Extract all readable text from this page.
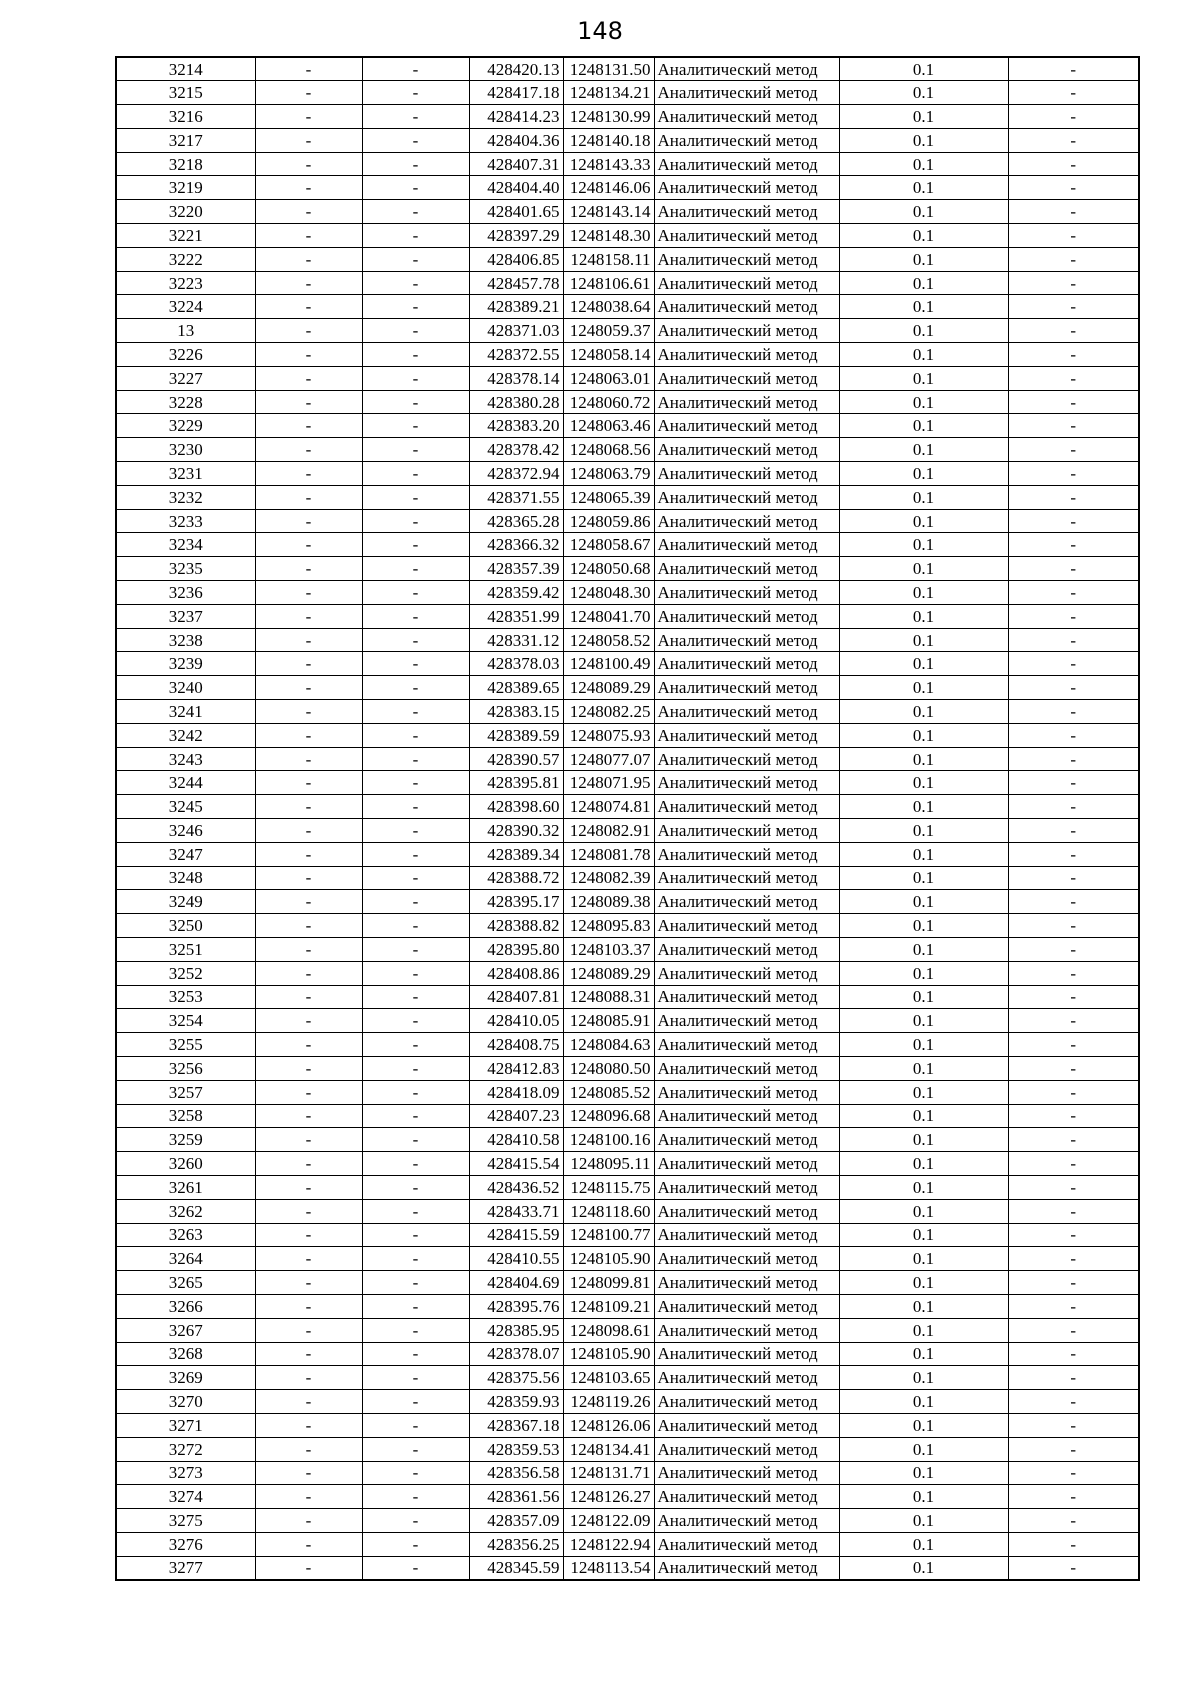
148
3214	-	-	428420.13	1248131.50	Аналитический метод	0.1	-
3215	-	-	428417.18	1248134.21	Аналитический метод	0.1	-
3216	-	-	428414.23	1248130.99	Аналитический метод	0.1	-
3217	-	-	428404.36	1248140.18	Аналитический метод	0.1	-
3218	-	-	428407.31	1248143.33	Аналитический метод	0.1	-
3219	-	-	428404.40	1248146.06	Аналитический метод	0.1	-
3220	-	-	428401.65	1248143.14	Аналитический метод	0.1	-
3221	-	-	428397.29	1248148.30	Аналитический метод	0.1	-
3222	-	-	428406.85	1248158.11	Аналитический метод	0.1	-
3223	-	-	428457.78	1248106.61	Аналитический метод	0.1	-
3224	-	-	428389.21	1248038.64	Аналитический метод	0.1	-
13	-	-	428371.03	1248059.37	Аналитический метод	0.1	-
3226	-	-	428372.55	1248058.14	Аналитический метод	0.1	-
3227	-	-	428378.14	1248063.01	Аналитический метод	0.1	-
3228	-	-	428380.28	1248060.72	Аналитический метод	0.1	-
3229	-	-	428383.20	1248063.46	Аналитический метод	0.1	-
3230	-	-	428378.42	1248068.56	Аналитический метод	0.1	-
3231	-	-	428372.94	1248063.79	Аналитический метод	0.1	-
3232	-	-	428371.55	1248065.39	Аналитический метод	0.1	-
3233	-	-	428365.28	1248059.86	Аналитический метод	0.1	-
3234	-	-	428366.32	1248058.67	Аналитический метод	0.1	-
3235	-	-	428357.39	1248050.68	Аналитический метод	0.1	-
3236	-	-	428359.42	1248048.30	Аналитический метод	0.1	-
3237	-	-	428351.99	1248041.70	Аналитический метод	0.1	-
3238	-	-	428331.12	1248058.52	Аналитический метод	0.1	-
3239	-	-	428378.03	1248100.49	Аналитический метод	0.1	-
3240	-	-	428389.65	1248089.29	Аналитический метод	0.1	-
3241	-	-	428383.15	1248082.25	Аналитический метод	0.1	-
3242	-	-	428389.59	1248075.93	Аналитический метод	0.1	-
3243	-	-	428390.57	1248077.07	Аналитический метод	0.1	-
3244	-	-	428395.81	1248071.95	Аналитический метод	0.1	-
3245	-	-	428398.60	1248074.81	Аналитический метод	0.1	-
3246	-	-	428390.32	1248082.91	Аналитический метод	0.1	-
3247	-	-	428389.34	1248081.78	Аналитический метод	0.1	-
3248	-	-	428388.72	1248082.39	Аналитический метод	0.1	-
3249	-	-	428395.17	1248089.38	Аналитический метод	0.1	-
3250	-	-	428388.82	1248095.83	Аналитический метод	0.1	-
3251	-	-	428395.80	1248103.37	Аналитический метод	0.1	-
3252	-	-	428408.86	1248089.29	Аналитический метод	0.1	-
3253	-	-	428407.81	1248088.31	Аналитический метод	0.1	-
3254	-	-	428410.05	1248085.91	Аналитический метод	0.1	-
3255	-	-	428408.75	1248084.63	Аналитический метод	0.1	-
3256	-	-	428412.83	1248080.50	Аналитический метод	0.1	-
3257	-	-	428418.09	1248085.52	Аналитический метод	0.1	-
3258	-	-	428407.23	1248096.68	Аналитический метод	0.1	-
3259	-	-	428410.58	1248100.16	Аналитический метод	0.1	-
3260	-	-	428415.54	1248095.11	Аналитический метод	0.1	-
3261	-	-	428436.52	1248115.75	Аналитический метод	0.1	-
3262	-	-	428433.71	1248118.60	Аналитический метод	0.1	-
3263	-	-	428415.59	1248100.77	Аналитический метод	0.1	-
3264	-	-	428410.55	1248105.90	Аналитический метод	0.1	-
3265	-	-	428404.69	1248099.81	Аналитический метод	0.1	-
3266	-	-	428395.76	1248109.21	Аналитический метод	0.1	-
3267	-	-	428385.95	1248098.61	Аналитический метод	0.1	-
3268	-	-	428378.07	1248105.90	Аналитический метод	0.1	-
3269	-	-	428375.56	1248103.65	Аналитический метод	0.1	-
3270	-	-	428359.93	1248119.26	Аналитический метод	0.1	-
3271	-	-	428367.18	1248126.06	Аналитический метод	0.1	-
3272	-	-	428359.53	1248134.41	Аналитический метод	0.1	-
3273	-	-	428356.58	1248131.71	Аналитический метод	0.1	-
3274	-	-	428361.56	1248126.27	Аналитический метод	0.1	-
3275	-	-	428357.09	1248122.09	Аналитический метод	0.1	-
3276	-	-	428356.25	1248122.94	Аналитический метод	0.1	-
3277	-	-	428345.59	1248113.54	Аналитический метод	0.1	-
